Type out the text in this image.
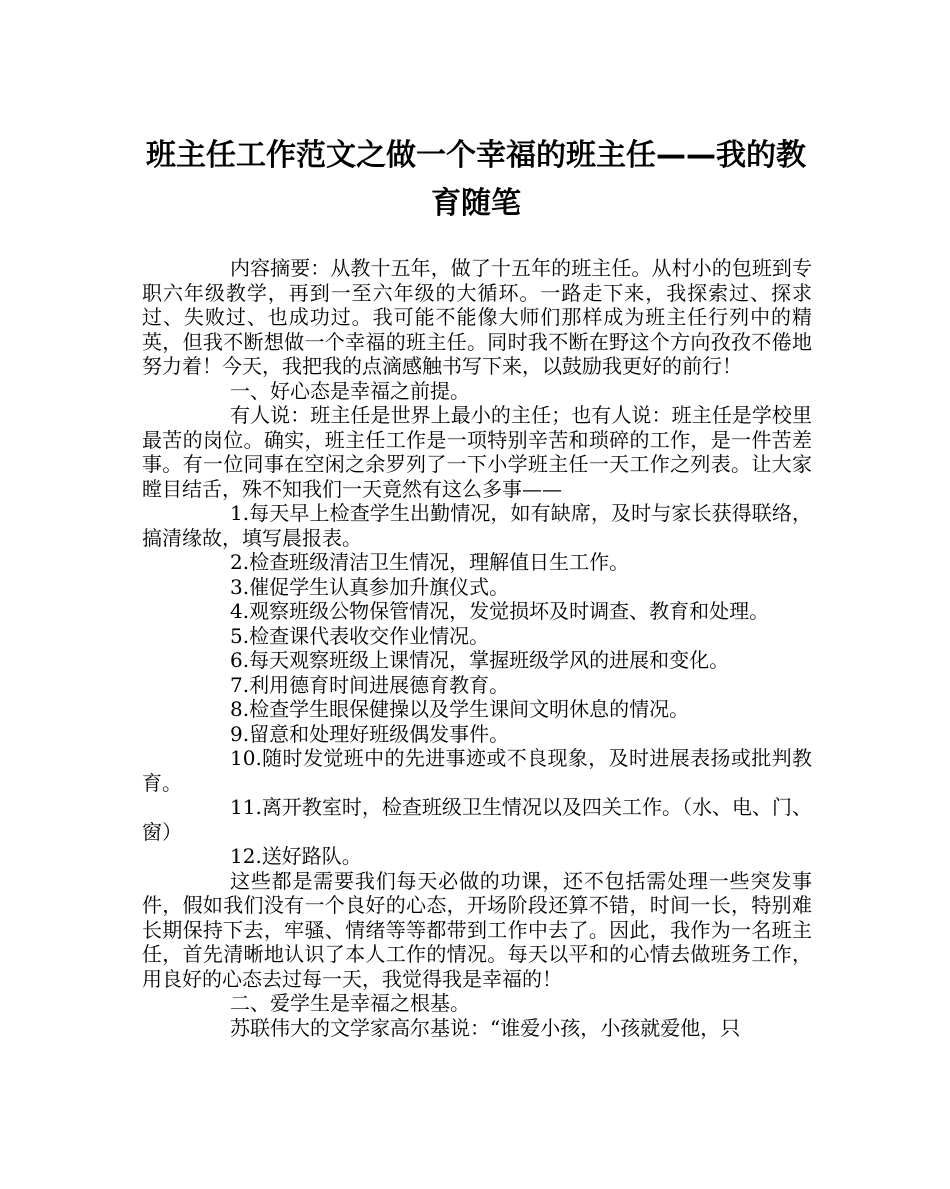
班主任工作范文之做一个幸福的班主任——我的教育随笔

内容摘要：从教十五年，做了十五年的班主任。从村小的包班到专职六年级教学，再到一至六年级的大循环。一路走下来，我探索过、探求过、失败过、也成功过。我可能不能像大师们那样成为班主任行列中的精英，但我不断想做一个幸福的班主任。同时我不断在野这个方向孜孜不倦地努力着！今天，我把我的点滴感触书写下来，以鼓励我更好的前行！

一、好心态是幸福之前提。

有人说：班主任是世界上最小的主任；也有人说：班主任是学校里最苦的岗位。确实，班主任工作是一项特别辛苦和琐碎的工作，是一件苦差事。有一位同事在空闲之余罗列了一下小学班主任一天工作之列表。让大家瞠目结舌，殊不知我们一天竟然有这么多事——

1.每天早上检查学生出勤情况，如有缺席，及时与家长获得联络，搞清缘故，填写晨报表。

2.检查班级清洁卫生情况，理解值日生工作。

3.催促学生认真参加升旗仪式。

4.观察班级公物保管情况，发觉损坏及时调查、教育和处理。

5.检查课代表收交作业情况。

6.每天观察班级上课情况，掌握班级学风的进展和变化。

7.利用德育时间进展德育教育。

8.检查学生眼保健操以及学生课间文明休息的情况。

9.留意和处理好班级偶发事件。

10.随时发觉班中的先进事迹或不良现象，及时进展表扬或批判教育。

11.离开教室时，检查班级卫生情况以及四关工作。（水、电、门、窗）

12.送好路队。

这些都是需要我们每天必做的功课，还不包括需处理一些突发事件，假如我们没有一个良好的心态，开场阶段还算不错，时间一长，特别难长期保持下去，牢骚、情绪等等都带到工作中去了。因此，我作为一名班主任，首先清晰地认识了本人工作的情况。每天以平和的心情去做班务工作，用良好的心态去过每一天，我觉得我是幸福的！

二、爱学生是幸福之根基。

苏联伟大的文学家高尔基说：“谁爱小孩，小孩就爱他，只
